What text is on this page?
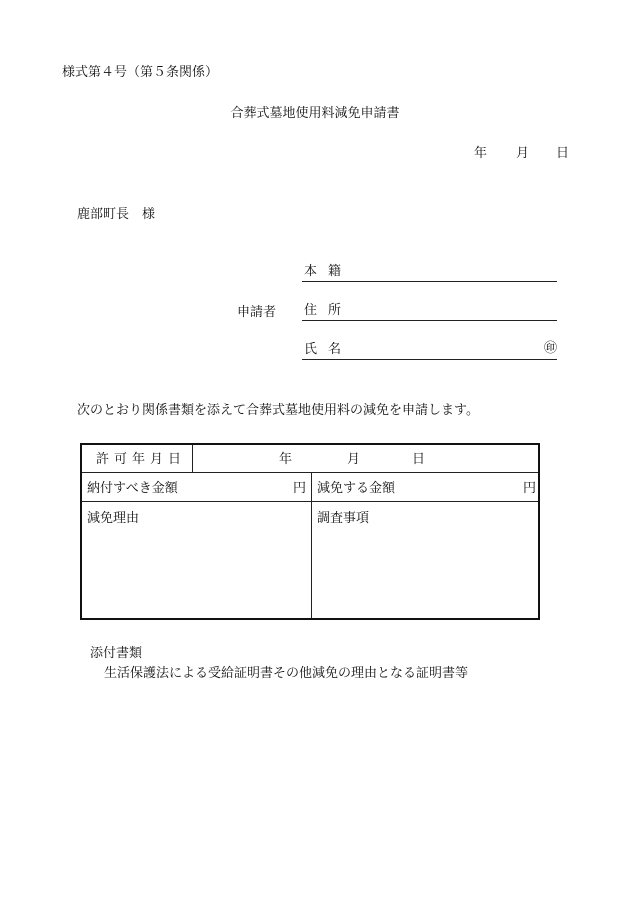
様式第４号（第５条関係）
合葬式墓地使用料減免申請書
年 月 日
鹿部町長　様
申請者
本籍
住所
氏名	㊞
次のとおり関係書類を添えて合葬式墓地使用料の減免を申請します。
許可年月日	年	月	日
納付すべき金額	円 減免する金額	円
減免理由	調査事項
添付書類
生活保護法による受給証明書その他減免の理由となる証明書等
